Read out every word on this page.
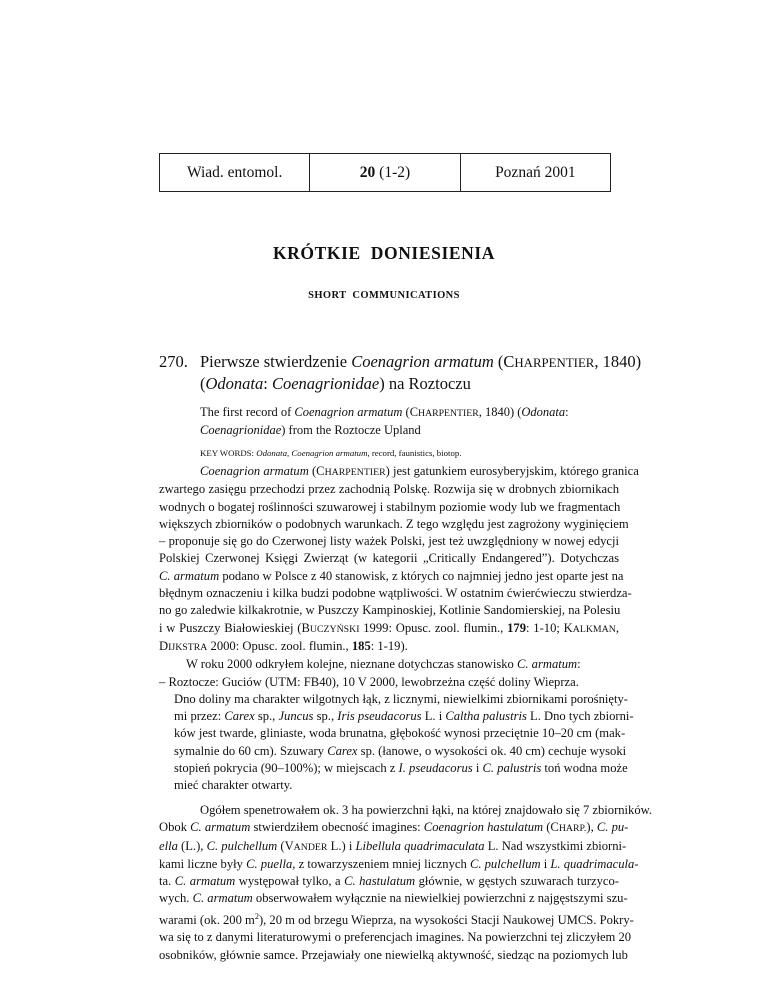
Wiad. entomol.	20 (1-2)	Poznań 2001
KRÓTKIE  DONIESIENIA
SHORT  COMMUNICATIONS
270. Pierwsze stwierdzenie Coenagrion armatum (CHARPENTIER, 1840)
(Odonata: Coenagrionidae) na Roztoczu
The first record of Coenagrion armatum (CHARPENTIER, 1840) (Odonata: Coenagrionidae) from the Roztocze Upland
KEY WORDS: Odonata, Coenagrion armatum, record, faunistics, biotop.
Coenagrion armatum (CHARPENTIER) jest gatunkiem eurosyberyjskim, którego granica
zwartego zasięgu przechodzi przez zachodnią Polskę. Rozwija się w drobnych zbiornikach
wodnych o bogatej roślinności szuwarowej i stabilnym poziomie wody lub we fragmentach
większych zbiorników o podobnych warunkach. Z tego względu jest zagrożony wyginięciem
– proponuje się go do Czerwonej listy ważek Polski, jest też uwzględniony w nowej edycji
Polskiej Czerwonej Księgi Zwierząt (w kategorii „Critically Endangered”). Dotychczas
C. armatum podano w Polsce z 40 stanowisk, z których co najmniej jedno jest oparte jest na
błędnym oznaczeniu i kilka budzi podobne wątpliwości. W ostatnim ćwierćwieczu stwierdza-
no go zaledwie kilkakrotnie, w Puszczy Kampinoskiej, Kotlinie Sandomierskiej, na Polesiu
i w Puszczy Białowieskiej (BUCZYŃSKI 1999: Opusc. zool. flumin., 179: 1-10; KALKMAN,
DIJKSTRA 2000: Opusc. zool. flumin., 185: 1-19).
W roku 2000 odkryłem kolejne, nieznane dotychczas stanowisko C. armatum:
– Roztocze: Guciów (UTM: FB40), 10 V 2000, lewobrzeżna część doliny Wieprza.
Dno doliny ma charakter wilgotnych łąk, z licznymi, niewielkimi zbiornikami porośnięty-
mi przez: Carex sp., Juncus sp., Iris pseudacorus L. i Caltha palustris L. Dno tych zbiorni-
ków jest twarde, gliniaste, woda brunatna, głębokość wynosi przeciętnie 10–20 cm (mak-
symalnie do 60 cm). Szuwary Carex sp. (łanowe, o wysokości ok. 40 cm) cechuje wysoki
stopień pokrycia (90–100%); w miejscach z I. pseudacorus i C. palustris toń wodna może
mieć charakter otwarty.
Ogółem spenetrowałem ok. 3 ha powierzchni łąki, na której znajdowało się 7 zbiorników.
Obok C. armatum stwierdziłem obecność imagines: Coenagrion hastulatum (CHARP.), C. pu-
ella (L.), C. pulchellum (VANDER L.) i Libellula quadrimaculata L. Nad wszystkimi zbiorni-
kami liczne były C. puella, z towarzyszeniem mniej licznych C. pulchellum i L. quadrimacula-
ta. C. armatum występował tylko, a C. hastulatum głównie, w gęstych szuwarach turzyco-
wych. C. armatum obserwowałem wyłącznie na niewielkiej powierzchni z najgęstszymi szu-
warami (ok. 200 $m^2$), 20 m od brzegu Wieprza, na wysokości Stacji Naukowej UMCS. Pokry-
wa się to z danymi literaturowymi o preferencjach imagines. Na powierzchni tej zliczyłem 20
osobników, głównie samce. Przejawiały one niewielką aktywność, siedząc na poziomych lub
